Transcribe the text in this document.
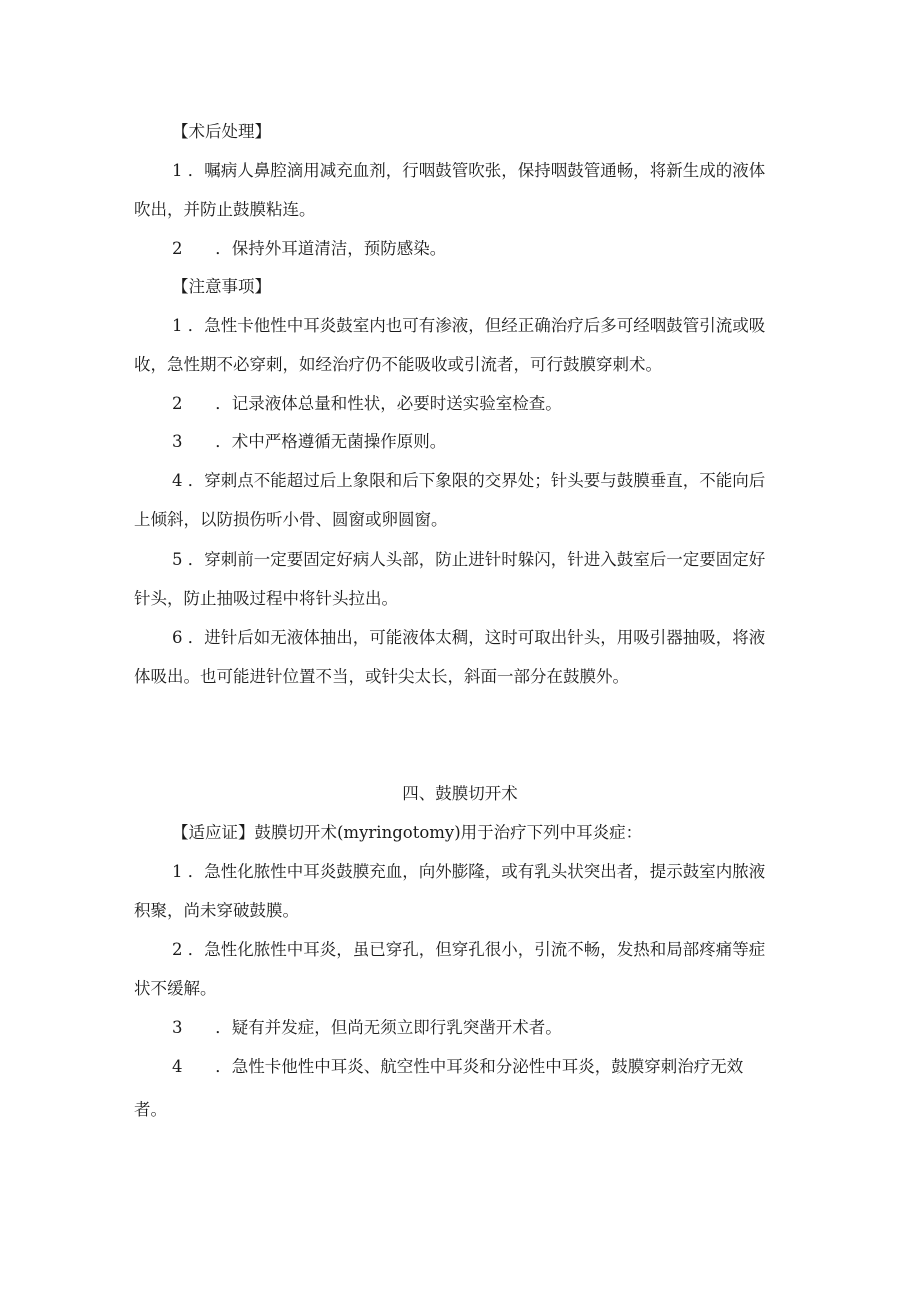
【术后处理】
1 ．嘱病人鼻腔滴用减充血剂，行咽鼓管吹张，保持咽鼓管通畅，将新生成的液体
吹出，并防止鼓膜粘连。
2 ．保持外耳道清洁，预防感染。
【注意事项】
1 ．急性卡他性中耳炎鼓室内也可有渗液，但经正确治疗后多可经咽鼓管引流或吸
收，急性期不必穿刺，如经治疗仍不能吸收或引流者，可行鼓膜穿刺术。
2 ．记录液体总量和性状，必要时送实验室检查。
3 ．术中严格遵循无菌操作原则。
4 ．穿刺点不能超过后上象限和后下象限的交界处；针头要与鼓膜垂直，不能向后
上倾斜，以防损伤听小骨、圆窗或卵圆窗。
5 ．穿刺前一定要固定好病人头部，防止进针时躲闪，针进入鼓室后一定要固定好
针头，防止抽吸过程中将针头拉出。
6 ．进针后如无液体抽出，可能液体太稠，这时可取出针头，用吸引器抽吸，将液
体吸出。也可能进针位置不当，或针尖太长，斜面一部分在鼓膜外。
四、鼓膜切开术
【适应证】鼓膜切开术(myringotomy)用于治疗下列中耳炎症：
1 ．急性化脓性中耳炎鼓膜充血，向外膨隆，或有乳头状突出者，提示鼓室内脓液
积聚，尚未穿破鼓膜。
2 ．急性化脓性中耳炎，虽已穿孔，但穿孔很小，引流不畅，发热和局部疼痛等症
状不缓解。
3 ．疑有并发症，但尚无须立即行乳突凿开术者。
4 ．急性卡他性中耳炎、航空性中耳炎和分泌性中耳炎，鼓膜穿刺治疗无效
者。
